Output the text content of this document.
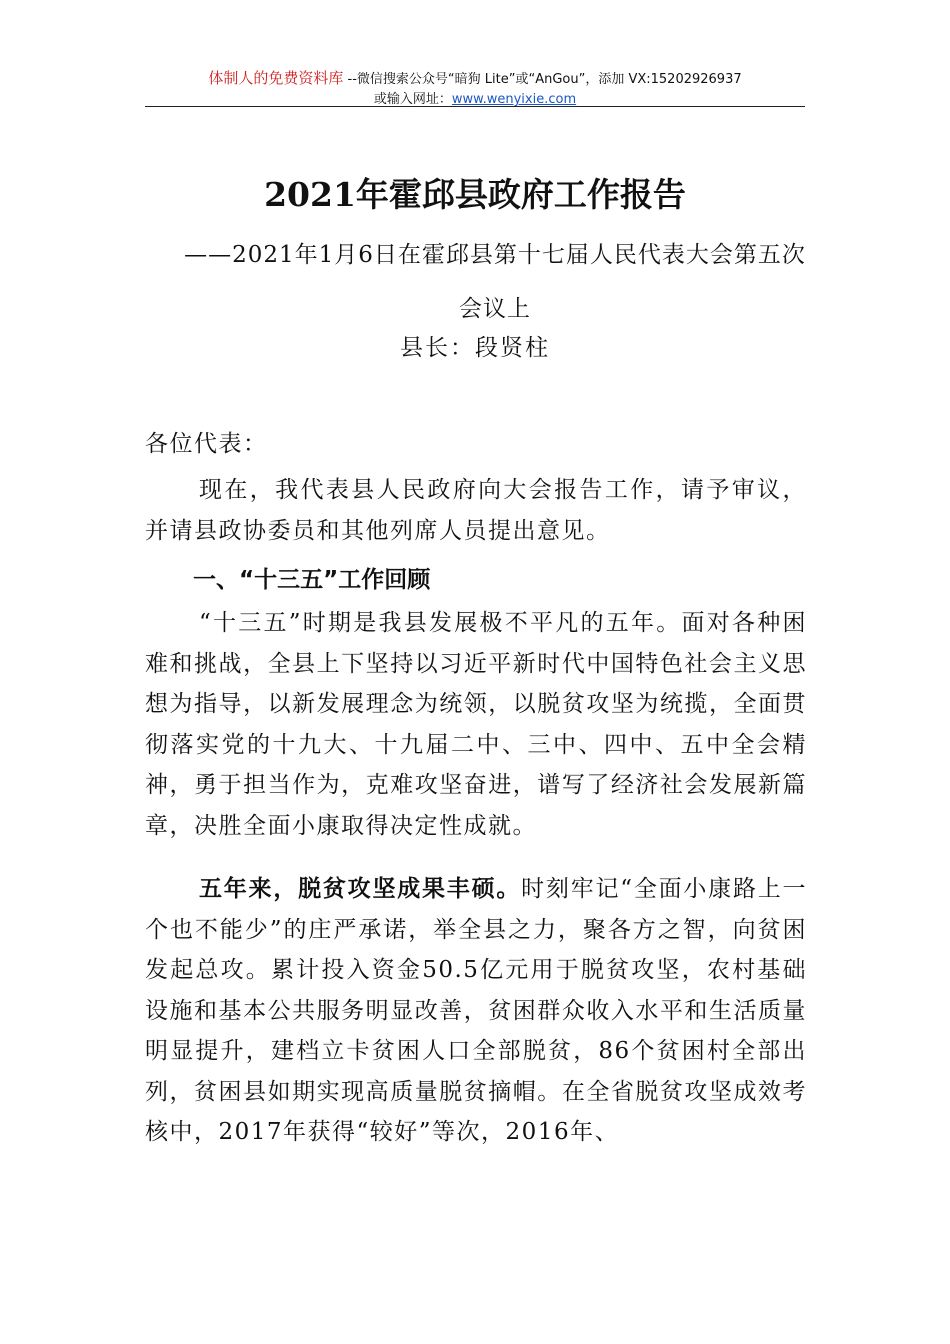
体制人的免费资料库 --微信搜索公众号“暗狗 Lite”或“AnGou”，添加 VX:15202926937
或输入网址：www.wenyixie.com
2021年霍邱县政府工作报告
——2021年1月6日在霍邱县第十七届人民代表大会第五次会议上
县长：段贤柱
各位代表：
现在，我代表县人民政府向大会报告工作，请予审议，并请县政协委员和其他列席人员提出意见。
一、“十三五”工作回顾
“十三五”时期是我县发展极不平凡的五年。面对各种困难和挑战，全县上下坚持以习近平新时代中国特色社会主义思想为指导，以新发展理念为统领，以脱贫攻坚为统揽，全面贯彻落实党的十九大、十九届二中、三中、四中、五中全会精神，勇于担当作为，克难攻坚奋进，谱写了经济社会发展新篇章，决胜全面小康取得决定性成就。
五年来，脱贫攻坚成果丰硕。时刻牢记“全面小康路上一个也不能少”的庄严承诺，举全县之力，聚各方之智，向贫困发起总攻。累计投入资金50.5亿元用于脱贫攻坚，农村基础设施和基本公共服务明显改善，贫困群众收入水平和生活质量明显提升，建档立卡贫困人口全部脱贫，86个贫困村全部出列，贫困县如期实现高质量脱贫摘帽。在全省脱贫攻坚成效考核中，2017年获得“较好”等次，2016年、
